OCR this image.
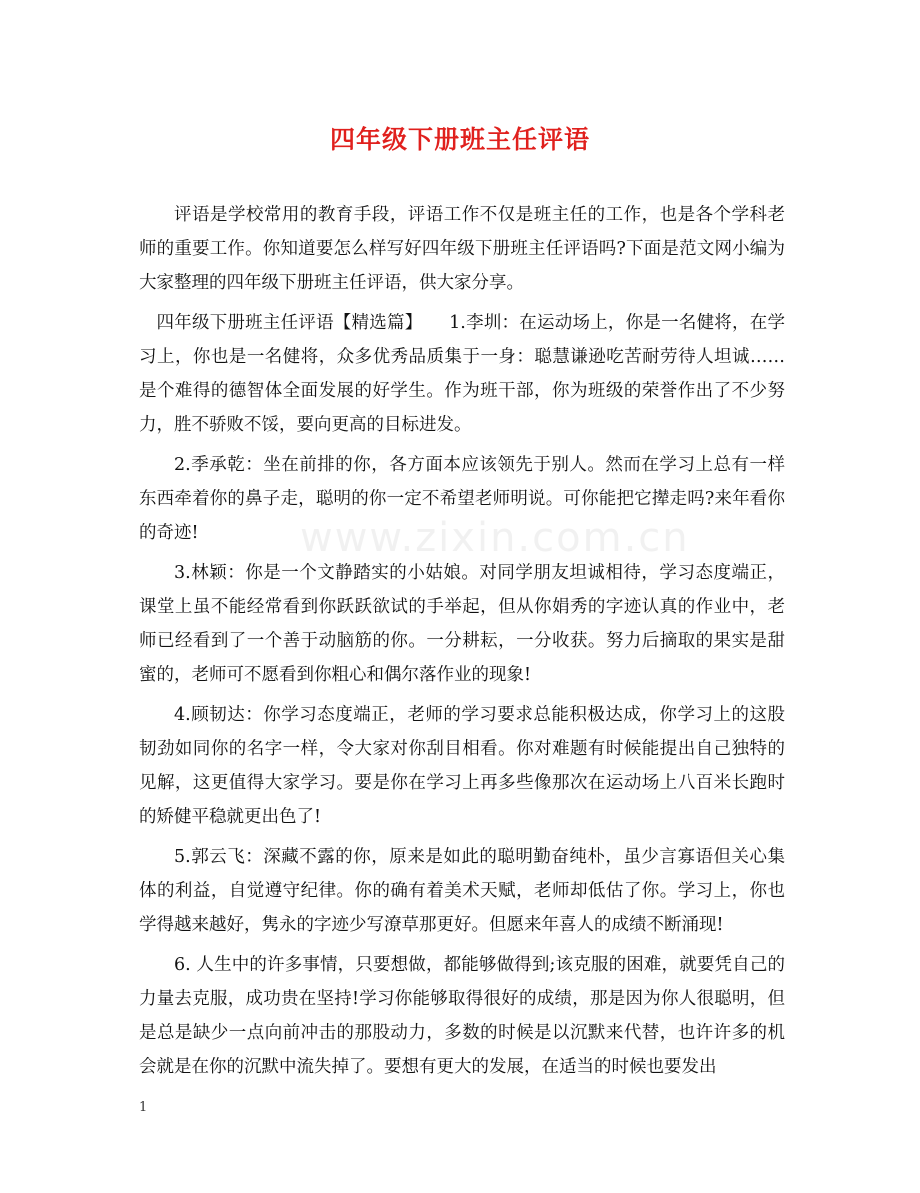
www.zixin.com.cn
四年级下册班主任评语

评语是学校常用的教育手段，评语工作不仅是班主任的工作，也是各个学科老师的重要工作。你知道要怎么样写好四年级下册班主任评语吗?下面是范文网小编为大家整理的四年级下册班主任评语，供大家分享。

四年级下册班主任评语【精选篇】　　1.李圳：在运动场上，你是一名健将，在学习上，你也是一名健将，众多优秀品质集于一身：聪慧谦逊吃苦耐劳待人坦诚……是个难得的德智体全面发展的好学生。作为班干部，你为班级的荣誉作出了不少努力，胜不骄败不馁，要向更高的目标进发。

2.季承乾：坐在前排的你，各方面本应该领先于别人。然而在学习上总有一样东西牵着你的鼻子走，聪明的你一定不希望老师明说。可你能把它撵走吗?来年看你的奇迹!

3.林颖：你是一个文静踏实的小姑娘。对同学朋友坦诚相待，学习态度端正，课堂上虽不能经常看到你跃跃欲试的手举起，但从你娟秀的字迹认真的作业中，老师已经看到了一个善于动脑筋的你。一分耕耘，一分收获。努力后摘取的果实是甜蜜的，老师可不愿看到你粗心和偶尔落作业的现象!

4.顾韧达：你学习态度端正，老师的学习要求总能积极达成，你学习上的这股韧劲如同你的名字一样，令大家对你刮目相看。你对难题有时候能提出自己独特的见解，这更值得大家学习。要是你在学习上再多些像那次在运动场上八百米长跑时的矫健平稳就更出色了!

5.郭云飞：深藏不露的你，原来是如此的聪明勤奋纯朴，虽少言寡语但关心集体的利益，自觉遵守纪律。你的确有着美术天赋，老师却低估了你。学习上，你也学得越来越好，隽永的字迹少写潦草那更好。但愿来年喜人的成绩不断涌现!

6. 人生中的许多事情，只要想做，都能够做得到;该克服的困难，就要凭自己的力量去克服，成功贵在坚持!学习你能够取得很好的成绩，那是因为你人很聪明，但是总是缺少一点向前冲击的那股动力，多数的时候是以沉默来代替，也许许多的机会就是在你的沉默中流失掉了。要想有更大的发展，在适当的时候也要发出

1
